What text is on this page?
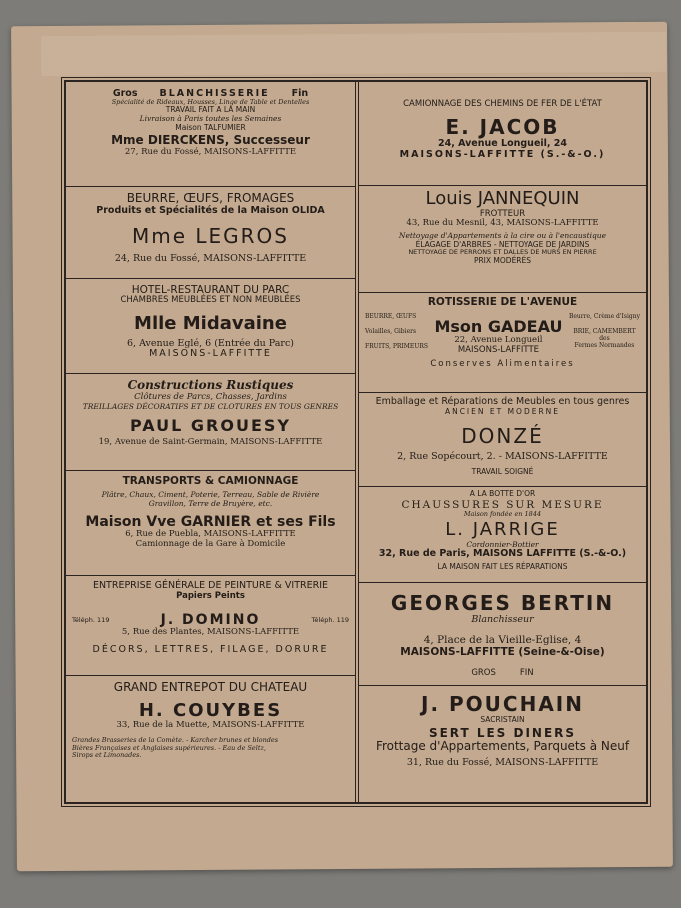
Gros BLANCHISSERIE Fin
Spécialité de Rideaux, Housses, Linge de Table et Dentelles
TRAVAIL FAIT A LA MAIN
Livraison à Paris toutes les Semaines
Maison TALFUMIER
Mme DIERCKENS, Successeur
27, Rue du Fossé, MAISONS-LAFFITTE
BEURRE, ŒUFS, FROMAGES
Produits et Spécialités de la Maison OLIDA
Mme LEGROS
24, Rue du Fossé, MAISONS-LAFFITTE
HOTEL-RESTAURANT DU PARC
CHAMBRES MEUBLÉES ET NON MEUBLÉES
Mlle Midavaine
6, Avenue Eglé, 6 (Entrée du Parc)
MAISONS-LAFFITTE
Constructions Rustiques
Clôtures de Parcs, Chasses, Jardins
TREILLAGES DÉCORATIFS ET DE CLOTURES EN TOUS GENRES
PAUL GROUESY
19, Avenue de Saint-Germain, MAISONS-LAFFITTE
TRANSPORTS & CAMIONNAGE
Plâtre, Chaux, Ciment, Poterie, Terreau, Sable de Rivière
Gravillon, Terre de Bruyère, etc.
Maison Vve GARNIER et ses Fils
6, Rue de Puebla, MAISONS-LAFFITTE
Camionnage de la Gare à Domicile
ENTREPRISE GÉNÉRALE DE PEINTURE & VITRERIE
Papiers Peints
Téléph. 119	J. DOMINO	Téléph. 119
5, Rue des Plantes, MAISONS-LAFFITTE
DÉCORS, LETTRES, FILAGE, DORURE
GRAND ENTREPOT DU CHATEAU
H. COUYBES
33, Rue de la Muette, MAISONS-LAFFITTE
Grandes Brasseries de la Comète. - Karcher brunes et blondes
Bières Françaises et Anglaises supérieures. - Eau de Seltz,
Sirops et Limonades.
CAMIONNAGE DES CHEMINS DE FER DE L'ÉTAT
E. JACOB
24, Avenue Longueil, 24
MAISONS-LAFFITTE (S.-&-O.)
Louis JANNEQUIN
FROTTEUR
43, Rue du Mesnil, 43, MAISONS-LAFFITTE
Nettoyage d'Appartements à la cire ou à l'encaustique
ÉLAGAGE D'ARBRES - NETTOYAGE DE JARDINS
NETTOYAGE DE PERRONS ET DALLES DE MURS EN PIERRE
PRIX MODÉRÉS
ROTISSERIE DE L'AVENUE
BEURRE, ŒUFS
Volailles, Gibiers
FRUITS, PRIMEURS
Mson GADEAU
22, Avenue Longueil
MAISONS-LAFFITTE
Beurre, Crème d'Isigny
BRIE, CAMEMBERT
des
Fermes Normandes
Conserves Alimentaires
Emballage et Réparations de Meubles en tous genres
ANCIEN ET MODERNE
DONZÉ
2, Rue Sopécourt, 2. - MAISONS-LAFFITTE
TRAVAIL SOIGNÉ
A LA BOTTE D'OR
CHAUSSURES SUR MESURE
Maison fondée en 1844
L. JARRIGE
Cordonnier-Bottier
32, Rue de Paris, MAISONS LAFFITTE (S.-&-O.)
LA MAISON FAIT LES RÉPARATIONS
GEORGES BERTIN
Blanchisseur
4, Place de la Vieille-Eglise, 4
MAISONS-LAFFITTE (Seine-&-Oise)
GROS	FIN
J. POUCHAIN
SACRISTAIN
SERT LES DINERS
Frottage d'Appartements, Parquets à Neuf
31, Rue du Fossé, MAISONS-LAFFITTE
